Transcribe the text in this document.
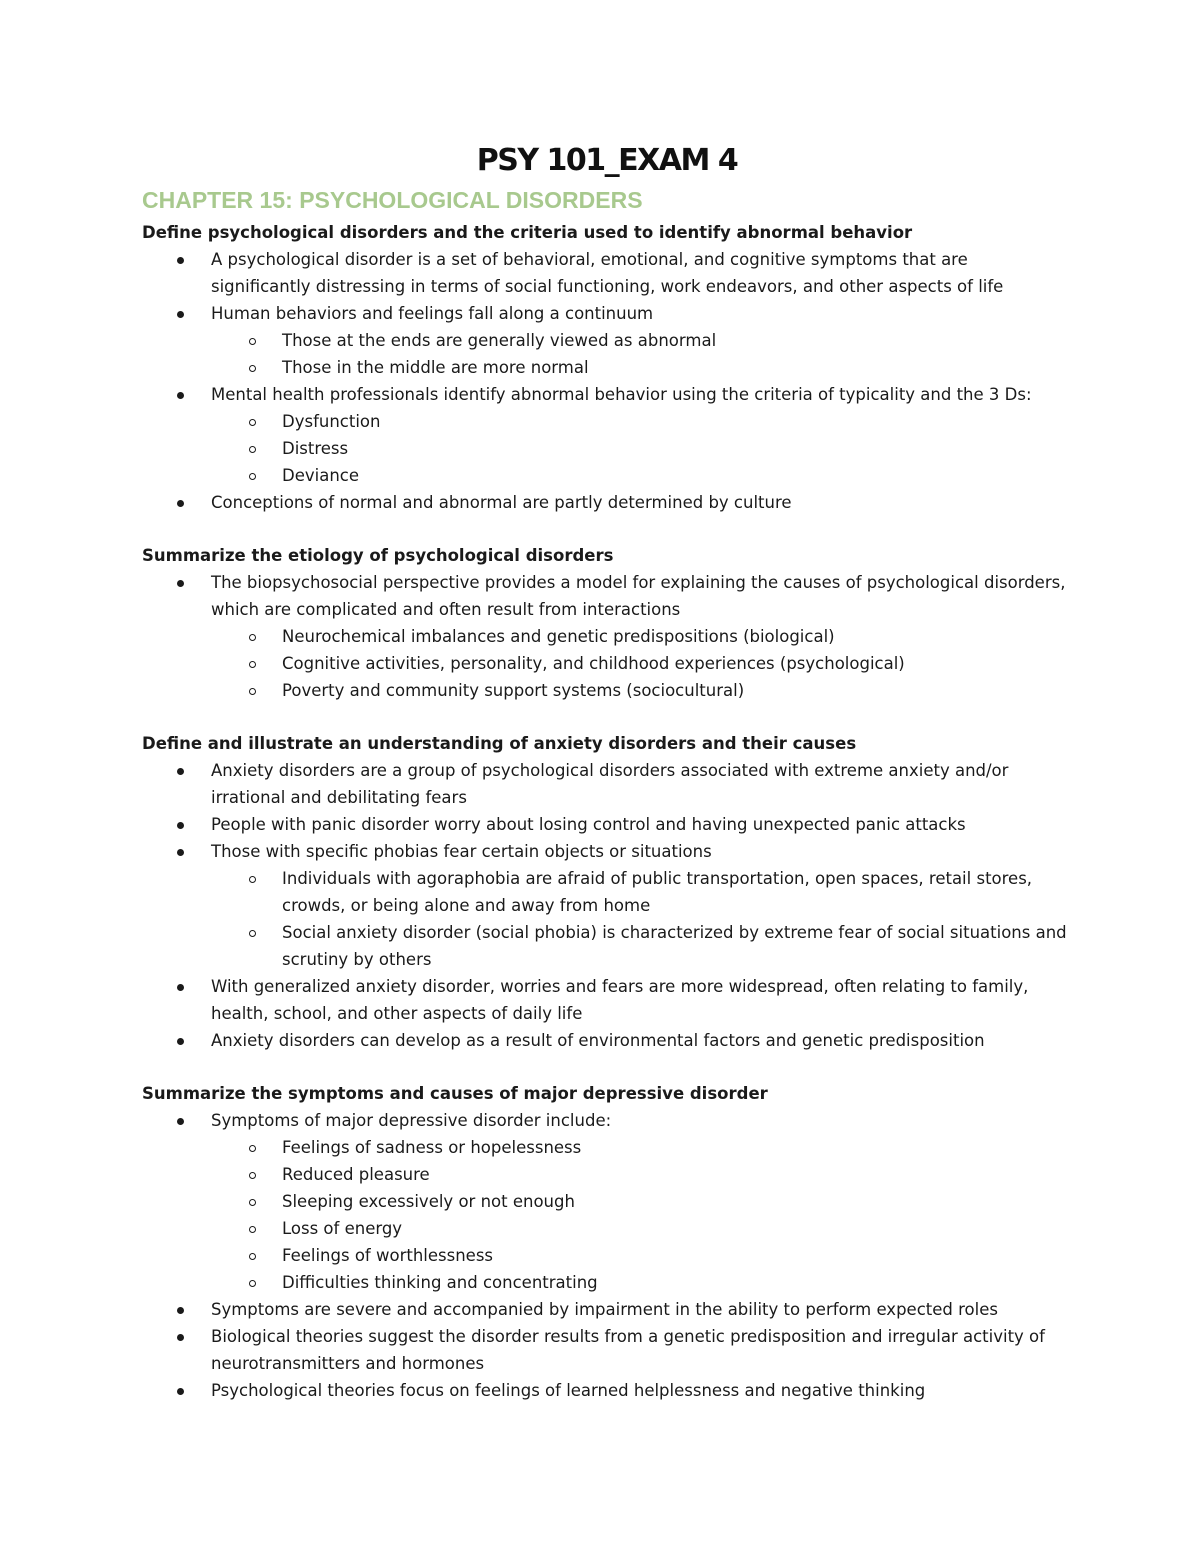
PSY 101_EXAM 4
CHAPTER 15: PSYCHOLOGICAL DISORDERS
Define psychological disorders and the criteria used to identify abnormal behavior
A psychological disorder is a set of behavioral, emotional, and cognitive symptoms that are significantly distressing in terms of social functioning, work endeavors, and other aspects of life
Human behaviors and feelings fall along a continuum
Those at the ends are generally viewed as abnormal
Those in the middle are more normal
Mental health professionals identify abnormal behavior using the criteria of typicality and the 3 Ds:
Dysfunction
Distress
Deviance
Conceptions of normal and abnormal are partly determined by culture
Summarize the etiology of psychological disorders
The biopsychosocial perspective provides a model for explaining the causes of psychological disorders, which are complicated and often result from interactions
Neurochemical imbalances and genetic predispositions (biological)
Cognitive activities, personality, and childhood experiences (psychological)
Poverty and community support systems (sociocultural)
Define and illustrate an understanding of anxiety disorders and their causes
Anxiety disorders are a group of psychological disorders associated with extreme anxiety and/or irrational and debilitating fears
People with panic disorder worry about losing control and having unexpected panic attacks
Those with specific phobias fear certain objects or situations
Individuals with agoraphobia are afraid of public transportation, open spaces, retail stores, crowds, or being alone and away from home
Social anxiety disorder (social phobia) is characterized by extreme fear of social situations and scrutiny by others
With generalized anxiety disorder, worries and fears are more widespread, often relating to family, health, school, and other aspects of daily life
Anxiety disorders can develop as a result of environmental factors and genetic predisposition
Summarize the symptoms and causes of major depressive disorder
Symptoms of major depressive disorder include:
Feelings of sadness or hopelessness
Reduced pleasure
Sleeping excessively or not enough
Loss of energy
Feelings of worthlessness
Difficulties thinking and concentrating
Symptoms are severe and accompanied by impairment in the ability to perform expected roles
Biological theories suggest the disorder results from a genetic predisposition and irregular activity of neurotransmitters and hormones
Psychological theories focus on feelings of learned helplessness and negative thinking
